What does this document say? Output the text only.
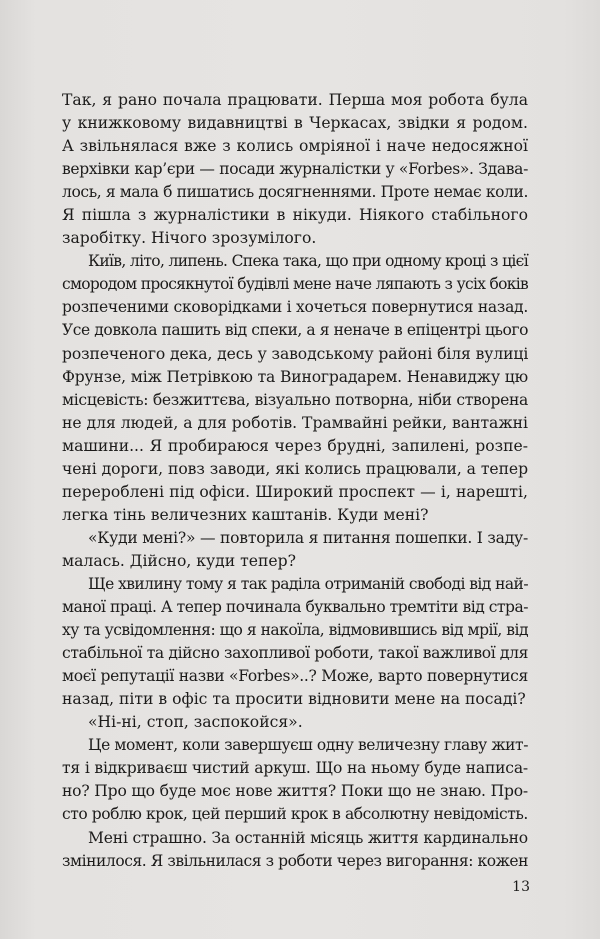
Так, я рано почала працювати. Перша моя робота була
у книжковому видавництві в Черкасах, звідки я родом.
А звільнялася вже з колись омріяної і наче недосяжної
верхівки кар’єри — посади журналістки у «Forbes». Здава-
лось, я мала б пишатись досягненнями. Проте немає коли.
Я пішла з журналістики в нікуди. Ніякого стабільного
заробітку. Нічого зрозумілого.
Київ, літо, липень. Спека така, що при одному кроці з цієї
смородом просякнутої будівлі мене наче ляпають з усіх боків
розпеченими сковорідками і хочеться повернутися назад.
Усе довкола пашить від спеки, а я неначе в епіцентрі цього
розпеченого дека, десь у заводському районі біля вулиці
Фрунзе, між Петрівкою та Виноградарем. Ненавиджу цю
місцевість: безжиттєва, візуально потворна, ніби створена
не для людей, а для роботів. Трамвайні рейки, вантажні
машини... Я пробираюся через брудні, запилені, розпе-
чені дороги, повз заводи, які колись працювали, а тепер
перероблені під офіси. Широкий проспект — і, нарешті,
легка тінь величезних каштанів. Куди мені?
«Куди мені?» — повторила я питання пошепки. І заду-
малась. Дійсно, куди тепер?
Ще хвилину тому я так раділа отриманій свободі від най-
маної праці. А тепер починала буквально тремтіти від стра-
ху та усвідомлення: що я накоїла, відмовившись від мрії, від
стабільної та дійсно захопливої роботи, такої важливої для
моєї репутації назви «Forbes»..? Може, варто повернутися
назад, піти в офіс та просити відновити мене на посаді?
«Ні-ні, стоп, заспокойся».
Це момент, коли завершуєш одну величезну главу жит-
тя і відкриваєш чистий аркуш. Що на ньому буде написа-
но? Про що буде моє нове життя? Поки що не знаю. Про-
сто роблю крок, цей перший крок в абсолютну невідомість.
Мені страшно. За останній місяць життя кардинально
змінилося. Я звільнилася з роботи через вигорання: кожен
13
